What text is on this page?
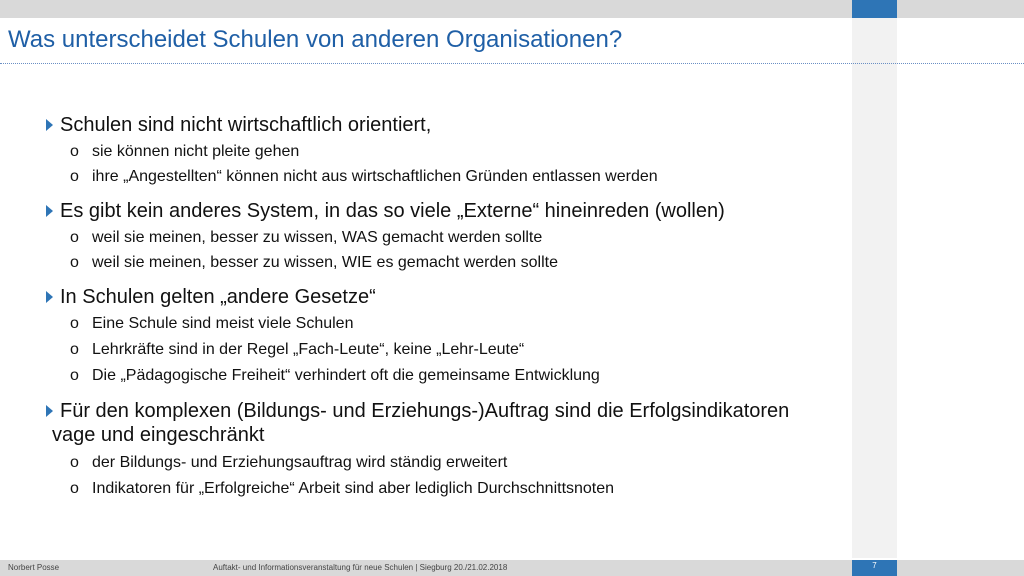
Was unterscheidet Schulen von anderen Organisationen?
Schulen sind nicht wirtschaftlich orientiert,
o sie können nicht pleite gehen
o ihre „Angestellten“ können nicht aus wirtschaftlichen Gründen entlassen werden
Es gibt kein anderes System, in das so viele „Externe“ hineinreden (wollen)
o weil sie meinen, besser zu wissen, WAS gemacht werden sollte
o weil sie meinen, besser zu wissen, WIE es gemacht werden sollte
In Schulen gelten „andere Gesetze“
o Eine Schule sind meist viele Schulen
o Lehrkräfte sind in der Regel „Fach-Leute“, keine „Lehr-Leute“
o Die „Pädagogische Freiheit“ verhindert oft die gemeinsame Entwicklung
Für den komplexen (Bildungs- und Erziehungs-)Auftrag sind die Erfolgsindikatoren
vage und eingeschränkt
o der Bildungs- und Erziehungsauftrag wird ständig erweitert
o Indikatoren für „Erfolgreiche“ Arbeit sind aber lediglich Durchschnittsnoten
Norbert Posse	Auftakt- und Informationsveranstaltung für neue Schulen | Siegburg 20./21.02.2018	7
